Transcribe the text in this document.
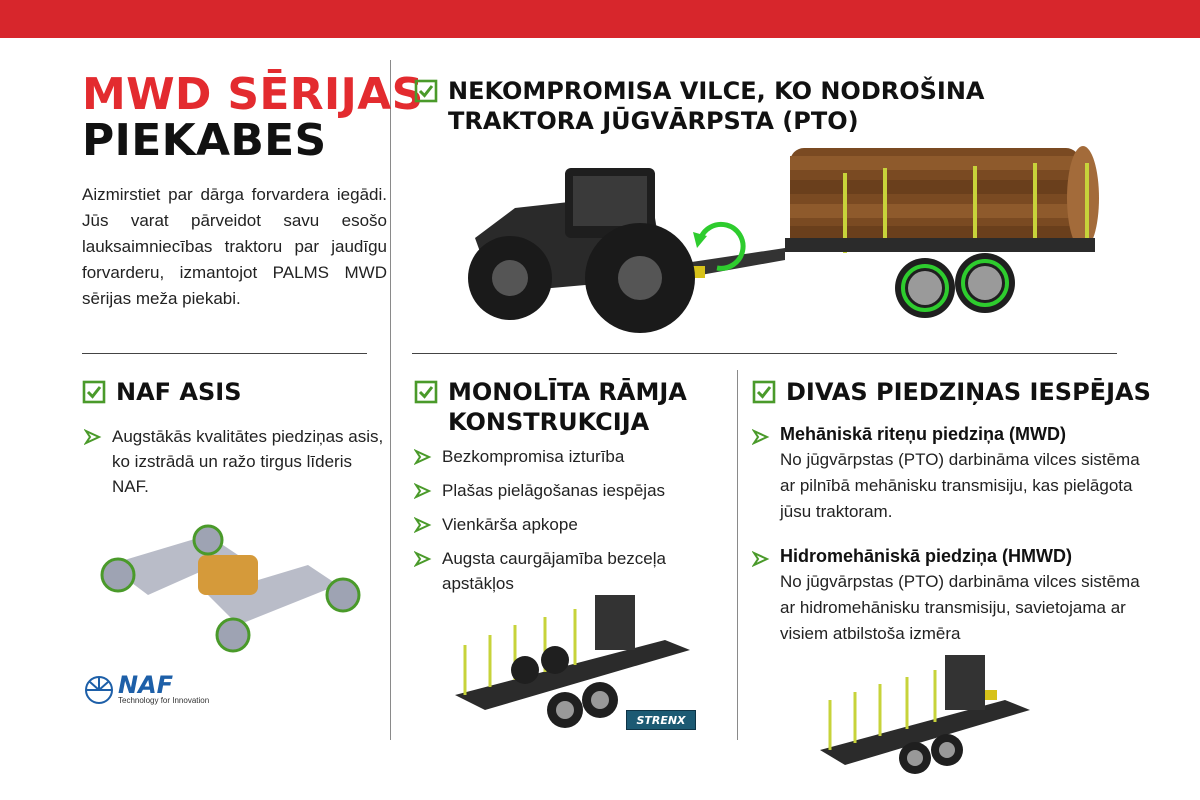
MWD SĒRIJAS
PIEKABES
Aizmirstiet par dārga forvardera iegādi. Jūs varat pārveidot savu esošo lauksaimniecības traktoru par jaudīgu forvarderu, izmantojot PALMS MWD sērijas meža piekabi.
NEKOMPROMISA VILCE, KO NODROŠINA
TRAKTORA JŪGVĀRPSTA (PTO)
NAF ASIS
Augstākās kvalitātes piedziņas asis, ko izstrādā un ražo tirgus līderis NAF.
NAF
Technology for Innovation
MONOLĪTA RĀMJA
KONSTRUKCIJA
Bezkompromisa izturība
Plašas pielāgošanas iespējas
Vienkārša apkope
Augsta caurgājamība bezceļa apstākļos
STRENX
DIVAS PIEDZIŅAS IESPĒJAS
Mehāniskā riteņu piedziņa (MWD)
No jūgvārpstas (PTO) darbināma vilces sistēma ar pilnībā mehānisku transmisiju, kas pielāgota jūsu traktoram.
Hidromehāniskā piedziņa (HMWD)
No jūgvārpstas (PTO) darbināma vilces sistēma ar hidromehānisku transmisiju, savietojama ar visiem atbilstoša izmēra
